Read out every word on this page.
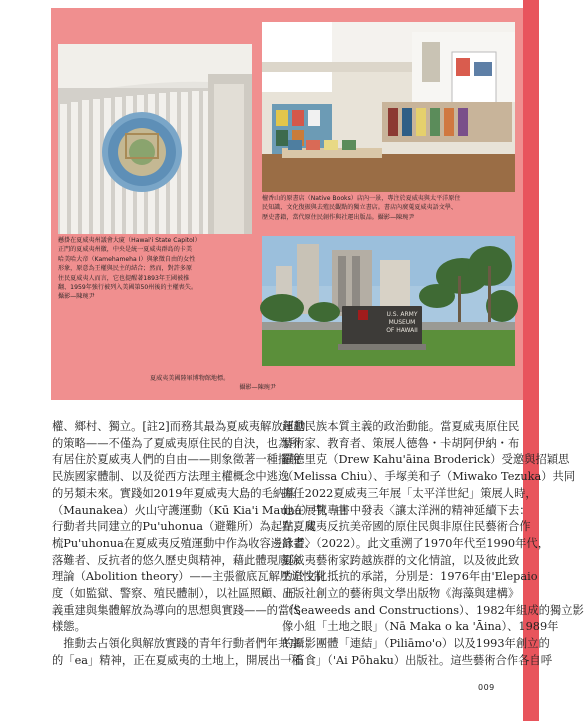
懸掛在夏威夷州議會大廈（Hawai'i State Capitol）
正門的夏威夷州徽，中央是統一夏威夷群島的卡美
哈美哈大帝（Kamehameha I）與象徵自由的女性
形象，原意為王權與民主的結合；然而，對許多原
住民夏威夷人而言，它也提醒著1893年王國被推
翻、1959年強行被列入美國第50州後的主權喪失。
攝影—陳琬尹
檀香山的原書店（Native Books）店內一景，專注於夏威夷與太平洋原住
民知識、文化復振與去殖民觀點的獨立書店。書店內廣蒐夏威夷語文學、
歷史書籍，當代原住民創作與社運出版品。攝影—陳琬尹
U.S. ARMY
MUSEUM
OF HAWAII
夏威夷美國陸軍博物館地標。
攝影—陳琬尹
權、鄉村、獨立。[註2]而務其最為夏威夷解放運動
的策略——不僅為了夏威夷原住民的自決，也為所
有居住於夏威夷人們的自由——則象徵著一種擺脫
民族國家體制、以及從西方法理主權概念中逃逸
的另類未來。實踐如2019年夏威夷大島的毛納基
（Maunakea）火山守護運動（Kū Kia'i Mauna）中，由
行動者共同建立的Pu'uhonua（避難所）為起點，爬
梳Pu'uhonua在夏威夷反殖運動中作為收容邊緣者、
落難者、反抗者的悠久歷史與精神，藉此體現廢除
理論（Abolition theory）——主張徹底瓦解壓迫性制
度（如監獄、警察、殖民體制），以社區照顧、正
義重建與集體解放為導向的思想與實踐——的當代
樣態。
　推動去占領化與解放實踐的青年行動者們年共享
的「ea」精神，正在夏威夷的土地上，開展出一種
超越民族本質主義的政治動能。當夏威夷原住民
藝術家、教育者、策展人德魯・卡胡阿伊納・布
羅德里克（Drew Kahu'āina Broderick）受邀與招穎思
（Melissa Chiu）、手塚美和子（Miwako Tezuka）共同
擔任2022夏威夷三年展「太平洋世紀」策展人時，
他在展覽專書中發表〈讓太洋洲的精神延續下去：
在夏威夷反抗美帝國的原住民與非原住民藝術合作
計畫〉（2022）。此文重溯了1970年代至1990年代，
夏威夷藝術家跨越族群的文化情誼，以及彼此致
力於文化抵抗的承諾，分別是：1976年由'Elepaio
出版社創立的藝術與文學出版物《海藻與建構》
（Seaweeds and Constructions）、1982年組成的獨立影
像小組「土地之眼」（Nā Maka o ka 'Āina）、1989年
的攝影團體「連結」（Piliāmo'o）以及1993年創立的
「石食」（'Ai Pōhaku）出版社。這些藝術合作各自呼
009
